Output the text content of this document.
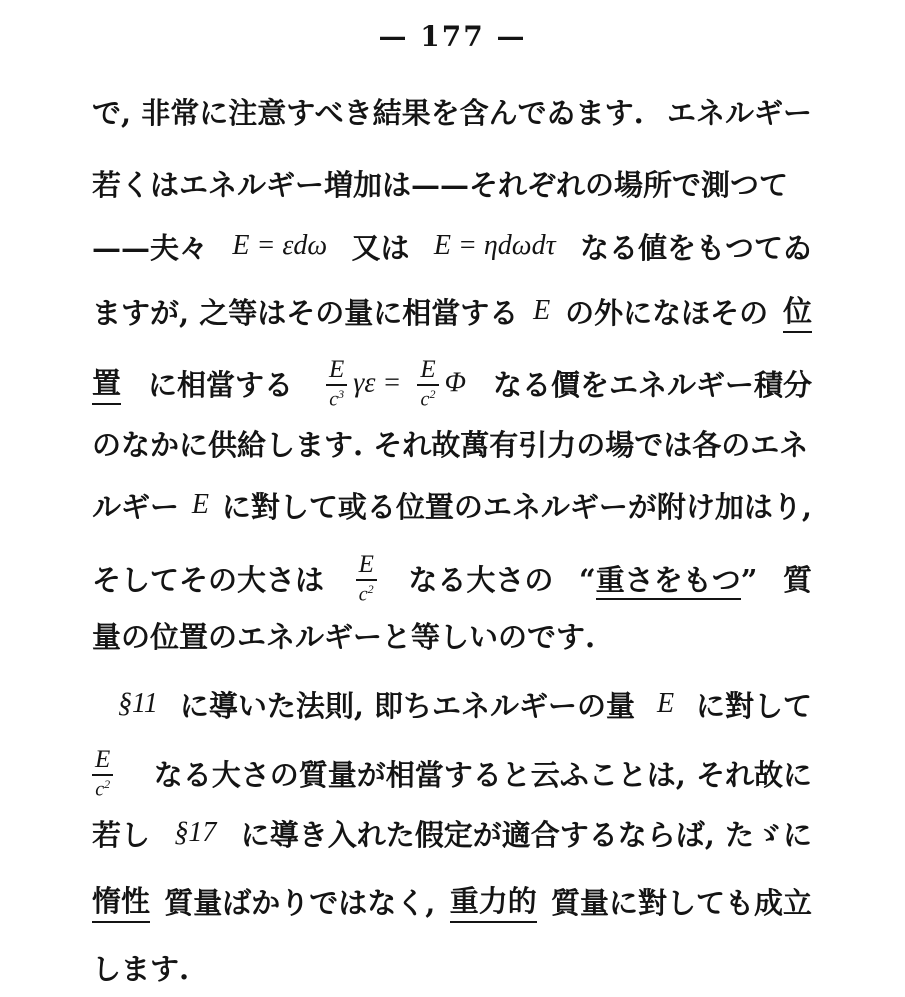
— 177 —
で, 非常に注意すべき結果を含んでゐます. エネルギー
若くはエネルギー増加は——それぞれの場所で測つて
——夫々 E = εdω 又は E = ηdωdτ なる値をもつてゐ
ますが, 之等はその量に相當する E の外になほその 位
置 に相當する $\frac{E}{c^3}$ $\gamma\varepsilon = \frac{E}{c^2}$ Φ なる價をエネルギー積分
のなかに供給します. それ故萬有引力の場では各のエネ
ルギー E に對して或る位置のエネルギーが附け加はり,
そしてその大さは $\frac{E}{c^2}$ なる大さの “重さをもつ” 質
量の位置のエネルギーと等しいのです.
§11 に導いた法則, 即ちエネルギーの量 E に對して
$\frac{E}{c^2}$ なる大さの質量が相當すると云ふことは, それ故に
若し §17 に導き入れた假定が適合するならば, たゞに
惰性 質量ばかりではなく, 重力的 質量に對しても成立
します.
